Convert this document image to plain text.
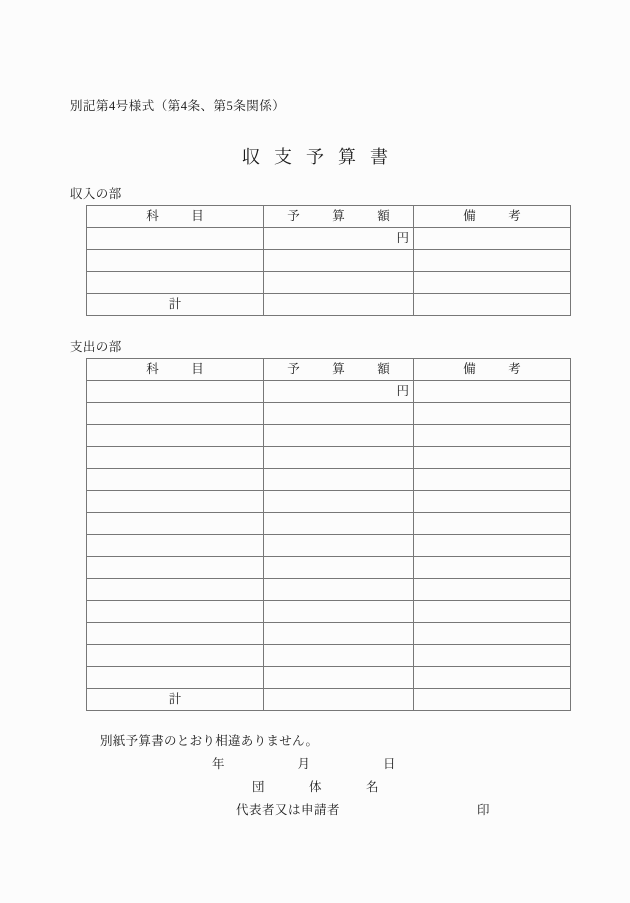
別記第4号様式（第4条、第5条関係）
収支予算書
収入の部
科　目	予　算　額	備　考
	円	

計		
支出の部
科　目	予　算　額	備　考
	円	

計		
別紙予算書のとおり相違ありません。
年　　月　　日
団　体　名
代表者又は申請者	印
